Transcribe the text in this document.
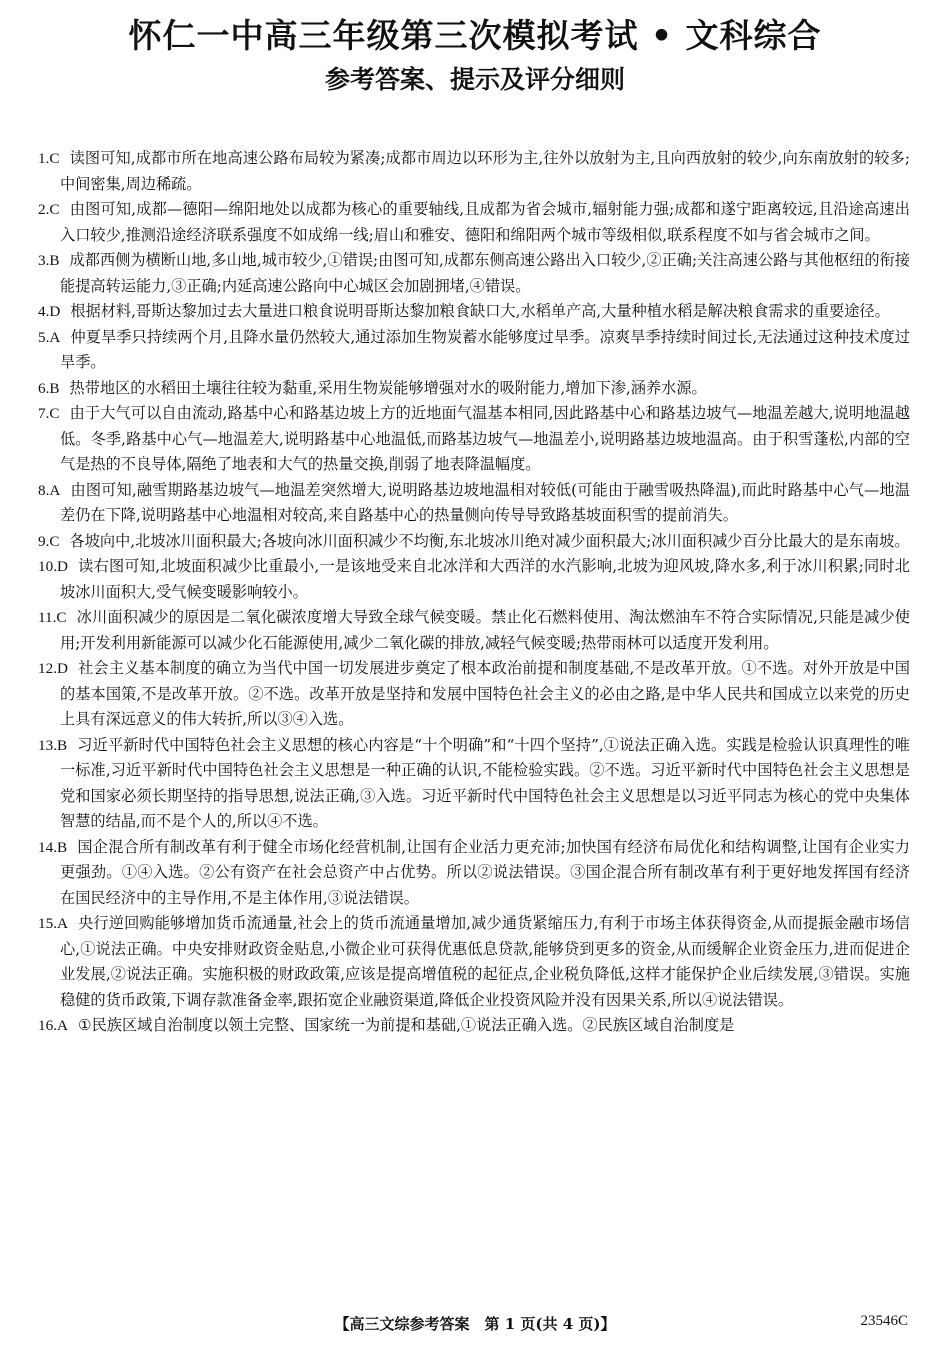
怀仁一中高三年级第三次模拟考试 • 文科综合
参考答案、提示及评分细则

1.C 读图可知,成都市所在地高速公路布局较为紧凑;成都市周边以环形为主,往外以放射为主,且向西放射的较少,向东南放射的较多;中间密集,周边稀疏。

2.C 由图可知,成都—德阳—绵阳地处以成都为核心的重要轴线,且成都为省会城市,辐射能力强;成都和遂宁距离较远,且沿途高速出入口较少,推测沿途经济联系强度不如成绵一线;眉山和雅安、德阳和绵阳两个城市等级相似,联系程度不如与省会城市之间。

3.B 成都西侧为横断山地,多山地,城市较少,①错误;由图可知,成都东侧高速公路出入口较少,②正确;关注高速公路与其他枢纽的衔接能提高转运能力,③正确;内延高速公路向中心城区会加剧拥堵,④错误。

4.D 根据材料,哥斯达黎加过去大量进口粮食说明哥斯达黎加粮食缺口大,水稻单产高,大量种植水稻是解决粮食需求的重要途径。

5.A 仲夏旱季只持续两个月,且降水量仍然较大,通过添加生物炭蓄水能够度过旱季。凉爽旱季持续时间过长,无法通过这种技术度过旱季。

6.B 热带地区的水稻田土壤往往较为黏重,采用生物炭能够增强对水的吸附能力,增加下渗,涵养水源。

7.C 由于大气可以自由流动,路基中心和路基边坡上方的近地面气温基本相同,因此路基中心和路基边坡气—地温差越大,说明地温越低。冬季,路基中心气—地温差大,说明路基中心地温低,而路基边坡气—地温差小,说明路基边坡地温高。由于积雪蓬松,内部的空气是热的不良导体,隔绝了地表和大气的热量交换,削弱了地表降温幅度。

8.A 由图可知,融雪期路基边坡气—地温差突然增大,说明路基边坡地温相对较低(可能由于融雪吸热降温),而此时路基中心气—地温差仍在下降,说明路基中心地温相对较高,来自路基中心的热量侧向传导导致路基坡面积雪的提前消失。

9.C 各坡向中,北坡冰川面积最大;各坡向冰川面积减少不均衡,东北坡冰川绝对减少面积最大;冰川面积减少百分比最大的是东南坡。

10.D 读右图可知,北坡面积减少比重最小,一是该地受来自北冰洋和大西洋的水汽影响,北坡为迎风坡,降水多,利于冰川积累;同时北坡冰川面积大,受气候变暖影响较小。

11.C 冰川面积减少的原因是二氧化碳浓度增大导致全球气候变暖。禁止化石燃料使用、淘汰燃油车不符合实际情况,只能是减少使用;开发利用新能源可以减少化石能源使用,减少二氧化碳的排放,减轻气候变暖;热带雨林可以适度开发利用。

12.D 社会主义基本制度的确立为当代中国一切发展进步奠定了根本政治前提和制度基础,不是改革开放。①不选。对外开放是中国的基本国策,不是改革开放。②不选。改革开放是坚持和发展中国特色社会主义的必由之路,是中华人民共和国成立以来党的历史上具有深远意义的伟大转折,所以③④入选。

13.B 习近平新时代中国特色社会主义思想的核心内容是“十个明确”和“十四个坚持”,①说法正确入选。实践是检验认识真理性的唯一标准,习近平新时代中国特色社会主义思想是一种正确的认识,不能检验实践。②不选。习近平新时代中国特色社会主义思想是党和国家必须长期坚持的指导思想,说法正确,③入选。习近平新时代中国特色社会主义思想是以习近平同志为核心的党中央集体智慧的结晶,而不是个人的,所以④不选。

14.B 国企混合所有制改革有利于健全市场化经营机制,让国有企业活力更充沛;加快国有经济布局优化和结构调整,让国有企业实力更强劲。①④入选。②公有资产在社会总资产中占优势。所以②说法错误。③国企混合所有制改革有利于更好地发挥国有经济在国民经济中的主导作用,不是主体作用,③说法错误。

15.A 央行逆回购能够增加货币流通量,社会上的货币流通量增加,减少通货紧缩压力,有利于市场主体获得资金,从而提振金融市场信心,①说法正确。中央安排财政资金贴息,小微企业可获得优惠低息贷款,能够贷到更多的资金,从而缓解企业资金压力,进而促进企业发展,②说法正确。实施积极的财政政策,应该是提高增值税的起征点,企业税负降低,这样才能保护企业后续发展,③错误。实施稳健的货币政策,下调存款准备金率,跟拓宽企业融资渠道,降低企业投资风险并没有因果关系,所以④说法错误。

16.A ①民族区域自治制度以领土完整、国家统一为前提和基础,①说法正确入选。②民族区域自治制度是

【高三文综参考答案　第 1 页(共 4 页)】	23546C
